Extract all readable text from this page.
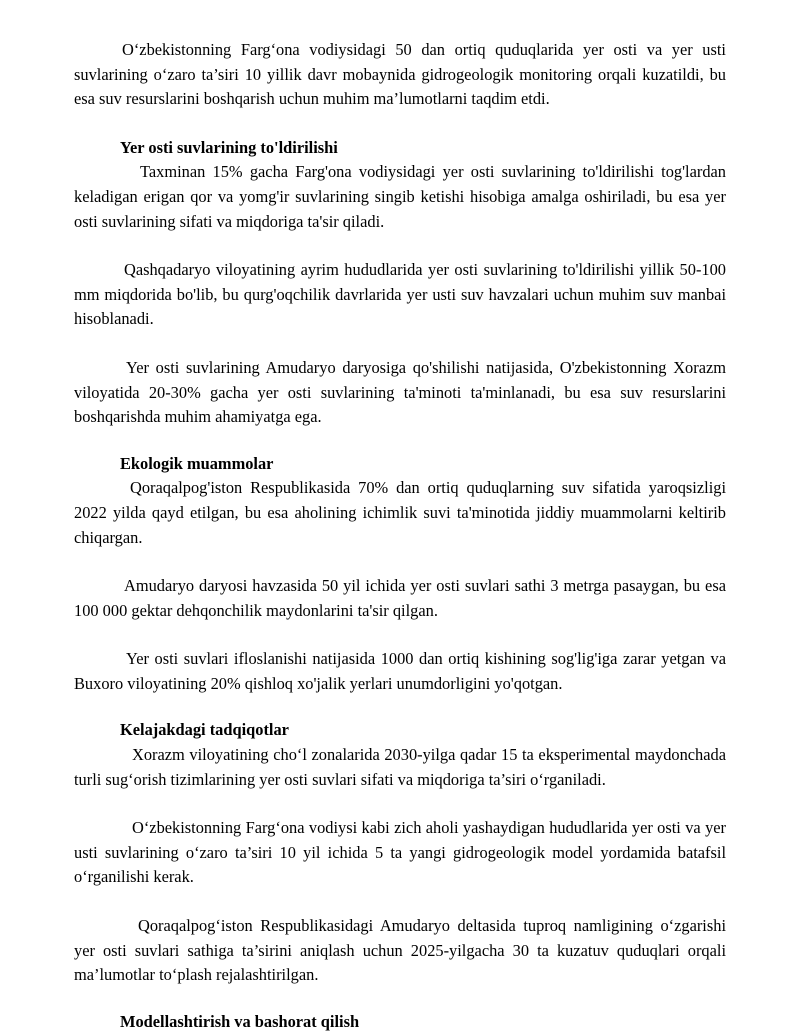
O‘zbekistonning Farg‘ona vodiysidagi 50 dan ortiq quduqlarida yer osti va yer usti suvlarining o‘zaro ta’siri 10 yillik davr mobaynida gidrogeologik monitoring orqali kuzatildi, bu esa suv resurslarini boshqarish uchun muhim ma’lumotlarni taqdim etdi.

Yer osti suvlarining to'ldirilishi

Taxminan 15% gacha Farg'ona vodiysidagi yer osti suvlarining to'ldirilishi tog'lardan keladigan erigan qor va yomg'ir suvlarining singib ketishi hisobiga amalga oshiriladi, bu esa yer osti suvlarining sifati va miqdoriga ta'sir qiladi.

Qashqadaryo viloyatining ayrim hududlarida yer osti suvlarining to'ldirilishi yillik 50-100 mm miqdorida bo'lib, bu qurg'oqchilik davrlarida yer usti suv havzalari uchun muhim suv manbai hisoblanadi.

Yer osti suvlarining Amudaryo daryosiga qo'shilishi natijasida, O'zbekistonning Xorazm viloyatida 20-30% gacha yer osti suvlarining ta'minoti ta'minlanadi, bu esa suv resurslarini boshqarishda muhim ahamiyatga ega.

Ekologik muammolar

Qoraqalpog'iston Respublikasida 70% dan ortiq quduqlarning suv sifatida yaroqsizligi 2022 yilda qayd etilgan, bu esa aholining ichimlik suvi ta'minotida jiddiy muammolarni keltirib chiqargan.

Amudaryo daryosi havzasida 50 yil ichida yer osti suvlari sathi 3 metrga pasaygan, bu esa 100 000 gektar dehqonchilik maydonlarini ta'sir qilgan.

Yer osti suvlari ifloslanishi natijasida 1000 dan ortiq kishining sog'lig'iga zarar yetgan va Buxoro viloyatining 20% qishloq xo'jalik yerlari unumdorligini yo'qotgan.

Kelajakdagi tadqiqotlar

Xorazm viloyatining cho‘l zonalarida 2030-yilga qadar 15 ta eksperimental maydonchada turli sug‘orish tizimlarining yer osti suvlari sifati va miqdoriga ta’siri o‘rganiladi.

O‘zbekistonning Farg‘ona vodiysi kabi zich aholi yashaydigan hududlarida yer osti va yer usti suvlarining o‘zaro ta’siri 10 yil ichida 5 ta yangi gidrogeologik model yordamida batafsil o‘rganilishi kerak.

Qoraqalpog‘iston Respublikasidagi Amudaryo deltasida tuproq namligining o‘zgarishi yer osti suvlari sathiga ta’sirini aniqlash uchun 2025-yilgacha 30 ta kuzatuv quduqlari orqali ma’lumotlar to‘plash rejalashtirilgan.

Modellashtirish va bashorat qilish
